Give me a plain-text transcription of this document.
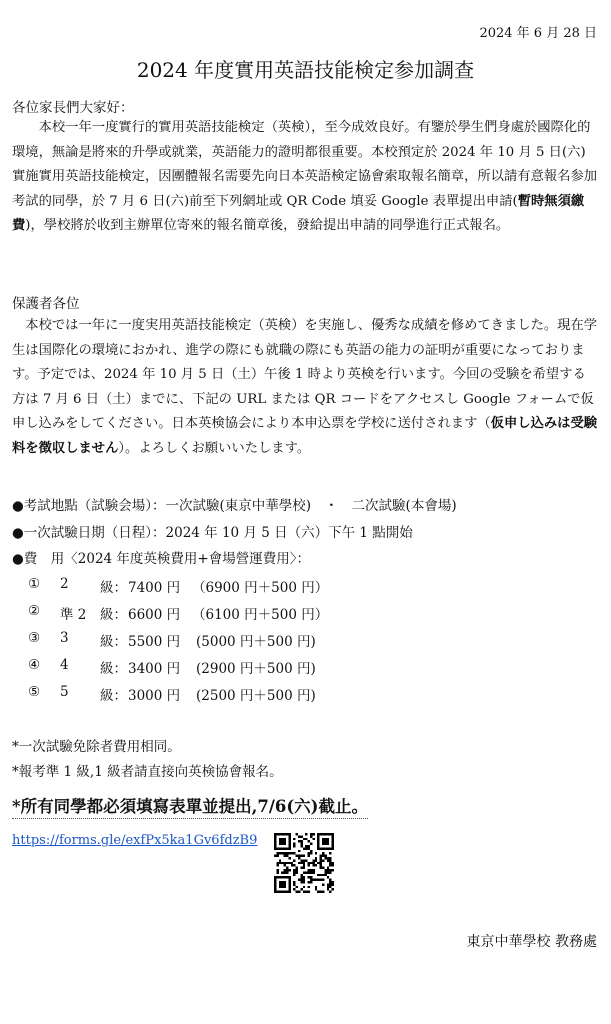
2024 年 6 月 28 日
2024 年度實用英語技能検定参加調查
各位家長們大家好：
　　本校一年一度實行的實用英語技能検定（英検），至今成效良好。有鑒於學生們身處於國際化的環境，無論是將來的升學或就業，英語能力的證明都很重要。本校預定於 2024 年 10 月 5 日(六)實施實用英語技能検定，因團體報名需要先向日本英語検定協會索取報名簡章，所以請有意報名参加考試的同學，於 7 月 6 日(六)前至下列網址或 QR Code 填妥 Google 表單提出申請(暫時無須繳費)，學校將於收到主辦單位寄來的報名簡章後，發給提出申請的同學進行正式報名。
保護者各位
　本校では一年に一度実用英語技能検定（英検）を実施し、優秀な成績を修めてきました。現在学生は国際化の環境におかれ、進学の際にも就職の際にも英語の能力の証明が重要になっております。予定では、2024 年 10 月 5 日（土）午後 1 時より英検を行います。今回の受験を希望する方は 7 月 6 日（土）までに、下記の URL または QR コードをアクセスし Google フォームで仮申し込みをしてください。日本英検協会により本申込票を学校に送付されます（仮申し込みは受験料を徴収しません）。よろしくお願いいたします。
●考試地點（試験会場）：一次試驗(東京中華學校)　・　二次試驗(本會場)
●一次試驗日期（日程）：2024 年 10 月 5 日（六）下午 1 點開始
●費　用〈2024 年度英検費用+會場營運費用〉：
① 2 級： 7400 円 （6900 円＋500 円）
② 準 2 級： 6600 円 （6100 円＋500 円）
③ 3 級： 5500 円 (5000 円＋500 円)
④ 4 級： 3400 円 (2900 円＋500 円)
⑤ 5 級： 3000 円 (2500 円＋500 円)
*一次試驗免除者費用相同。
*報考準 1 級,1 級者請直接向英検協會報名。
*所有同學都必須填寫表單並提出,7/6(六)截止。
https://forms.gle/exfPx5ka1Gv6fdzB9
東京中華學校 教務處
